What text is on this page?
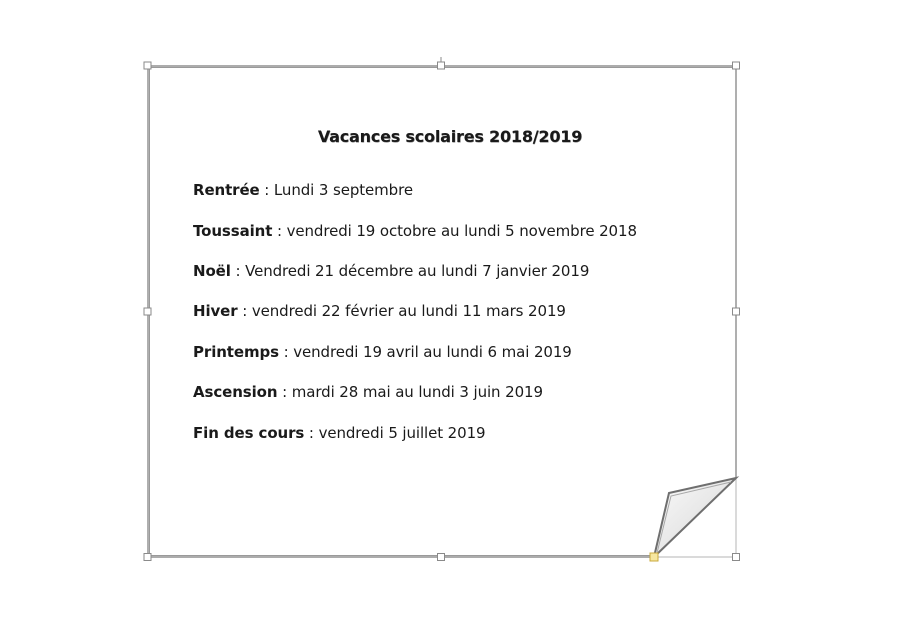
Vacances scolaires 2018/2019
Rentrée : Lundi 3 septembre
Toussaint : vendredi 19 octobre au lundi 5 novembre 2018
Noël : Vendredi 21 décembre au lundi 7 janvier 2019
Hiver : vendredi 22 février au lundi 11 mars 2019
Printemps : vendredi 19 avril au lundi 6 mai 2019
Ascension : mardi 28 mai au lundi 3 juin 2019
Fin des cours : vendredi 5 juillet 2019
